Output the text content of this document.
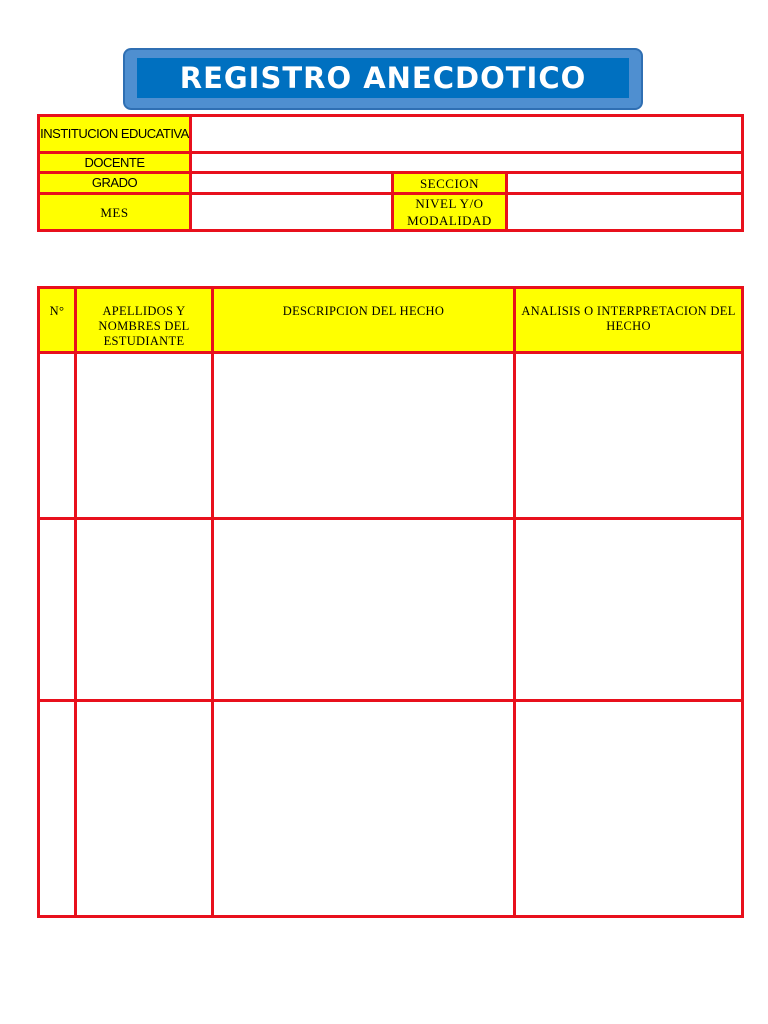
REGISTRO ANECDOTICO
INSTITUCION EDUCATIVA			
DOCENTE			
GRADO		SECCION	
MES		NIVEL Y/O MODALIDAD	
N°	APELLIDOS Y NOMBRES DEL ESTUDIANTE	DESCRIPCION DEL HECHO	ANALISIS O INTERPRETACION DEL HECHO
